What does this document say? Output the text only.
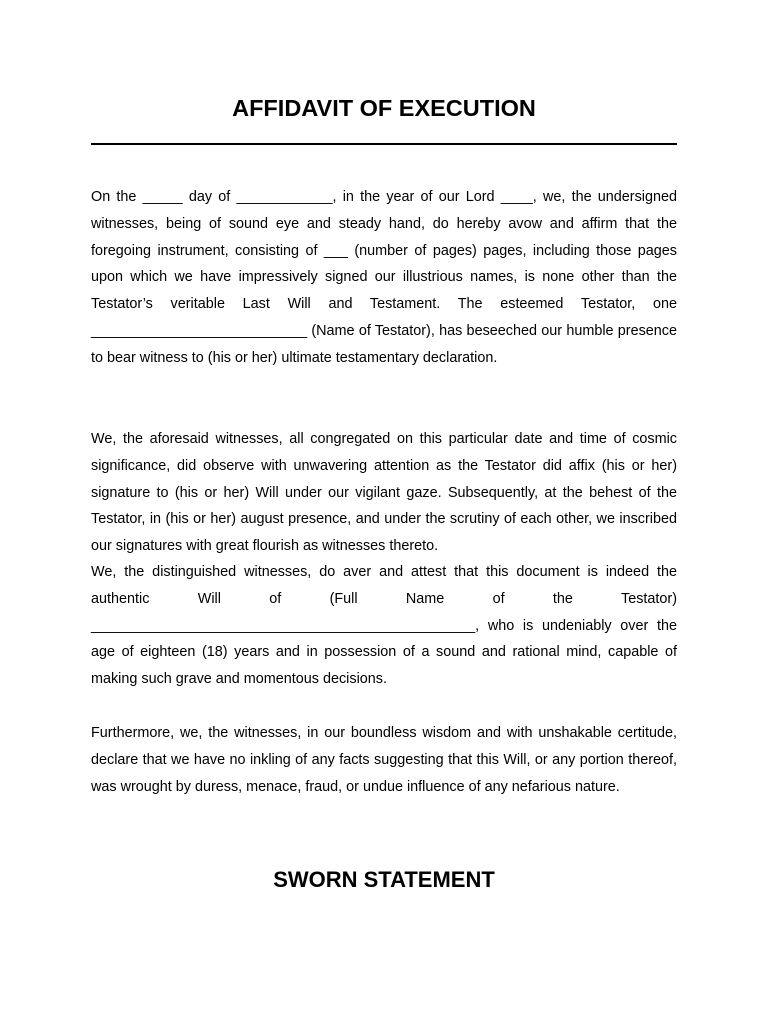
AFFIDAVIT OF EXECUTION

On the _____ day of ____________, in the year of our Lord ____, we, the undersigned witnesses, being of sound eye and steady hand, do hereby avow and affirm that the foregoing instrument, consisting of ___ (number of pages) pages, including those pages upon which we have impressively signed our illustrious names, is none other than the Testator’s veritable Last Will and Testament. The esteemed Testator, one ___________________________ (Name of Testator), has beseeched our humble presence to bear witness to (his or her) ultimate testamentary declaration.

We, the aforesaid witnesses, all congregated on this particular date and time of cosmic significance, did observe with unwavering attention as the Testator did affix (his or her) signature to (his or her) Will under our vigilant gaze. Subsequently, at the behest of the Testator, in (his or her) august presence, and under the scrutiny of each other, we inscribed our signatures with great flourish as witnesses thereto.

We, the distinguished witnesses, do aver and attest that this document is indeed the authentic Will of (Full Name of the Testator) ________________________________________________, who is undeniably over the age of eighteen (18) years and in possession of a sound and rational mind, capable of making such grave and momentous decisions.

Furthermore, we, the witnesses, in our boundless wisdom and with unshakable certitude, declare that we have no inkling of any facts suggesting that this Will, or any portion thereof, was wrought by duress, menace, fraud, or undue influence of any nefarious nature.

SWORN STATEMENT
